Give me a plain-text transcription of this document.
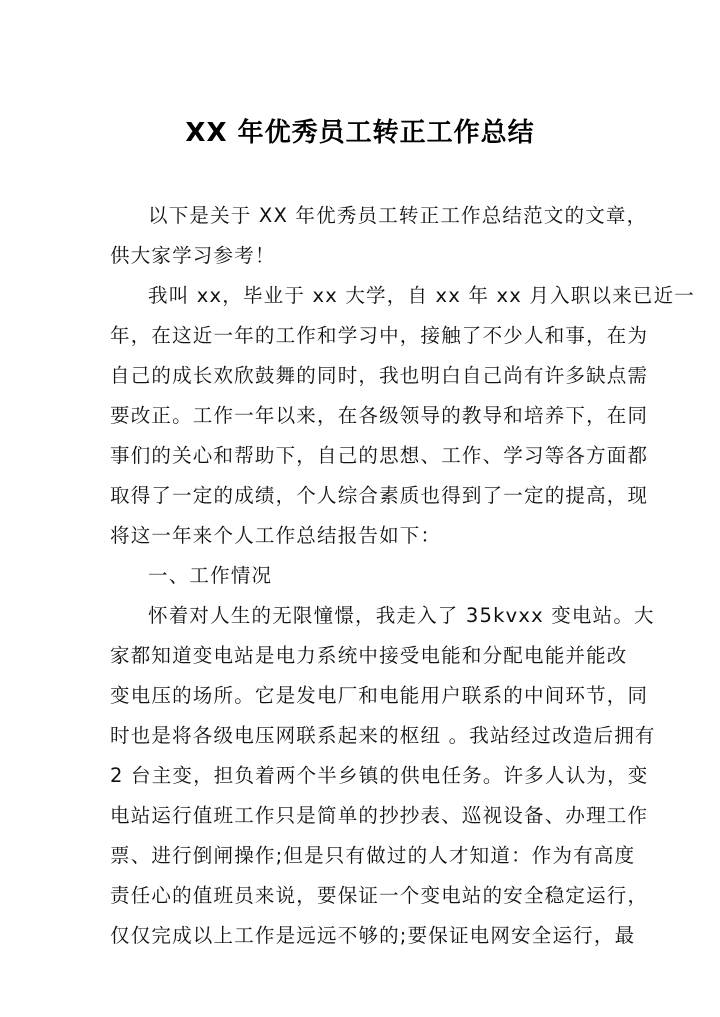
XX 年优秀员工转正工作总结
以下是关于 XX 年优秀员工转正工作总结范文的文章，
供大家学习参考！
我叫 xx，毕业于 xx 大学，自 xx 年 xx 月入职以来已近一
年，在这近一年的工作和学习中，接触了不少人和事，在为
自己的成长欢欣鼓舞的同时，我也明白自己尚有许多缺点需
要改正。工作一年以来，在各级领导的教导和培养下，在同
事们的关心和帮助下，自己的思想、工作、学习等各方面都
取得了一定的成绩，个人综合素质也得到了一定的提高，现
将这一年来个人工作总结报告如下：
一、工作情况
怀着对人生的无限憧憬，我走入了 35kvxx 变电站。大
家都知道变电站是电力系统中接受电能和分配电能并能改
变电压的场所。它是发电厂和电能用户联系的中间环节，同
时也是将各级电压网联系起来的枢纽 。我站经过改造后拥有
2 台主变，担负着两个半乡镇的供电任务。许多人认为，变
电站运行值班工作只是简单的抄抄表、巡视设备、办理工作
票、进行倒闸操作;但是只有做过的人才知道：作为有高度
责任心的值班员来说，要保证一个变电站的安全稳定运行，
仅仅完成以上工作是远远不够的;要保证电网安全运行，最
